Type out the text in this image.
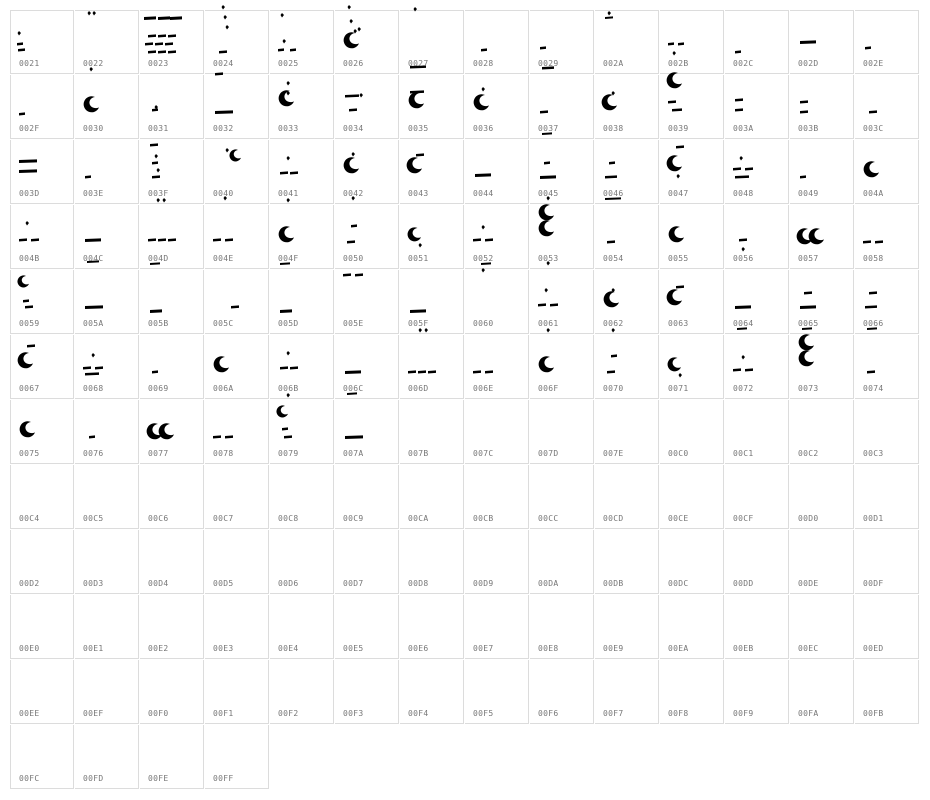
0021	0022	0023	0024	0025	0026	0027	0028	0029	002A	002B	002C	002D	002E
002F	0030	0031	0032	0033	0034	0035	0036	0037	0038	0039	003A	003B	003C
003D	003E	003F	0040	0041	0042	0043	0044	0045	0046	0047	0048	0049	004A
004B	004C	004D	004E	004F	0050	0051	0052	0053	0054	0055	0056	0057	0058
0059	005A	005B	005C	005D	005E	005F	0060	0061	0062	0063	0064	0065	0066
0067	0068	0069	006A	006B	006C	006D	006E	006F	0070	0071	0072	0073	0074
0075	0076	0077	0078	0079	007A	007B	007C	007D	007E	00C0	00C1	00C2	00C3
00C4	00C5	00C6	00C7	00C8	00C9	00CA	00CB	00CC	00CD	00CE	00CF	00D0	00D1
00D2	00D3	00D4	00D5	00D6	00D7	00D8	00D9	00DA	00DB	00DC	00DD	00DE	00DF
00E0	00E1	00E2	00E3	00E4	00E5	00E6	00E7	00E8	00E9	00EA	00EB	00EC	00ED
00EE	00EF	00F0	00F1	00F2	00F3	00F4	00F5	00F6	00F7	00F8	00F9	00FA	00FB
00FC	00FD	00FE	00FF
